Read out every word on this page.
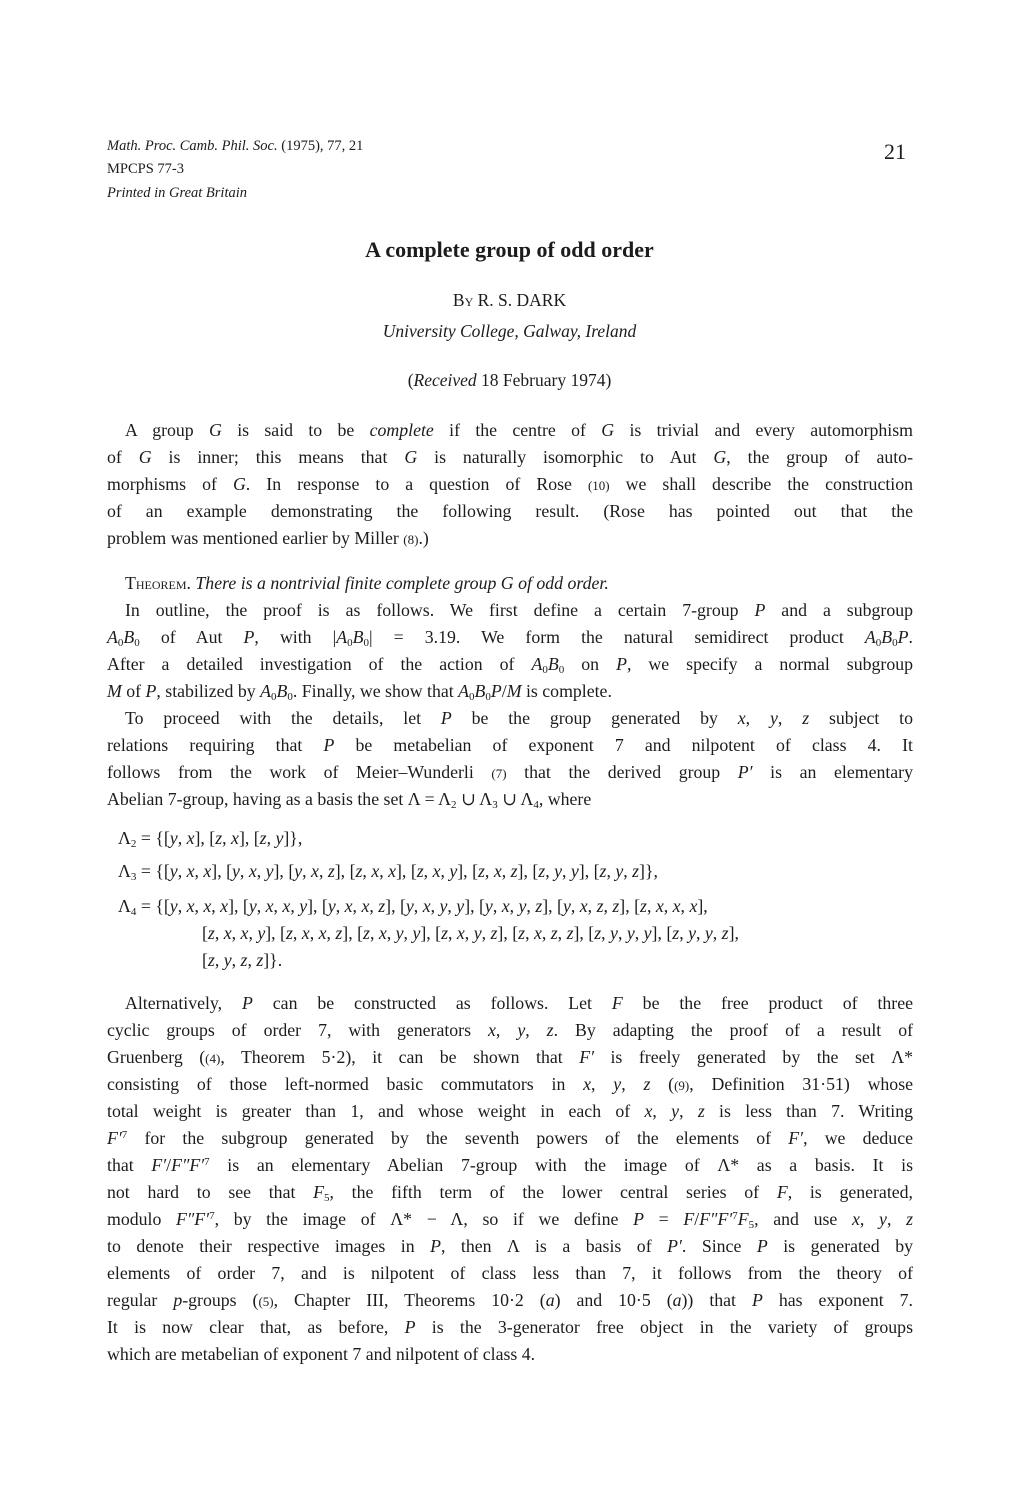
Math. Proc. Camb. Phil. Soc. (1975), 77, 21
MPCPS 77-3
Printed in Great Britain
21
A complete group of odd order
By R. S. DARK
University College, Galway, Ireland
(Received 18 February 1974)
A group G is said to be complete if the centre of G is trivial and every automorphism
of G is inner; this means that G is naturally isomorphic to Aut G, the group of auto-
morphisms of G. In response to a question of Rose (10) we shall describe the construction
of an example demonstrating the following result. (Rose has pointed out that the
problem was mentioned earlier by Miller (8).)
Theorem. There is a nontrivial finite complete group G of odd order.
In outline, the proof is as follows. We first define a certain 7-group P and a subgroup
$A_0B_0$ of Aut P, with $|A_0B_0| = 3.19$. We form the natural semidirect product $A_0B_0P$.
After a detailed investigation of the action of $A_0B_0$ on P, we specify a normal subgroup
M of P, stabilized by $A_0B_0$. Finally, we show that $A_0B_0P/M$ is complete.
To proceed with the details, let P be the group generated by x, y, z subject to
relations requiring that P be metabelian of exponent 7 and nilpotent of class 4. It
follows from the work of Meier–Wunderli (7) that the derived group P′ is an elementary
Abelian 7-group, having as a basis the set $\Lambda = \Lambda_2$ ∪ $\Lambda_3$ ∪ $\Lambda_4$, where
$\Lambda_2 = \{[y$, x], [z, x], [z, y]},
$\Lambda_3 = \{[y$, x, x], [y, x, y], [y, x, z], [z, x, x], [z, x, y], [z, x, z], [z, y, y], [z, y, z]},
$\Lambda_4 = \{[y$, x, x, x], [y, x, x, y], [y, x, x, z], [y, x, y, y], [y, x, y, z], [y, x, z, z], [z, x, x, x],
[z, x, x, y], [z, x, x, z], [z, x, y, y], [z, x, y, z], [z, x, z, z], [z, y, y, y], [z, y, y, z],
[z, y, z, z]}.
Alternatively, P can be constructed as follows. Let F be the free product of three
cyclic groups of order 7, with generators x, y, z. By adapting the proof of a result of
Gruenberg ((4), Theorem 5·2), it can be shown that F′ is freely generated by the set Λ*
consisting of those left-normed basic commutators in x, y, z ((9), Definition 31·51) whose
total weight is greater than 1, and whose weight in each of x, y, z is less than 7. Writing
$F'^7$ for the subgroup generated by the seventh powers of the elements of F′, we deduce
that $F'/F''F'^7$ is an elementary Abelian 7-group with the image of Λ* as a basis. It is
not hard to see that $F_5$, the fifth term of the lower central series of F, is generated,
modulo $F''F'^7$, by the image of Λ* − Λ, so if we define $P = F/F''F'^7F_5$, and use x, y, z
to denote their respective images in P, then Λ is a basis of P′. Since P is generated by
elements of order 7, and is nilpotent of class less than 7, it follows from the theory of
regular p-groups ((5), Chapter III, Theorems 10·2 (a) and 10·5 (a)) that P has exponent 7.
It is now clear that, as before, P is the 3-generator free object in the variety of groups
which are metabelian of exponent 7 and nilpotent of class 4.
